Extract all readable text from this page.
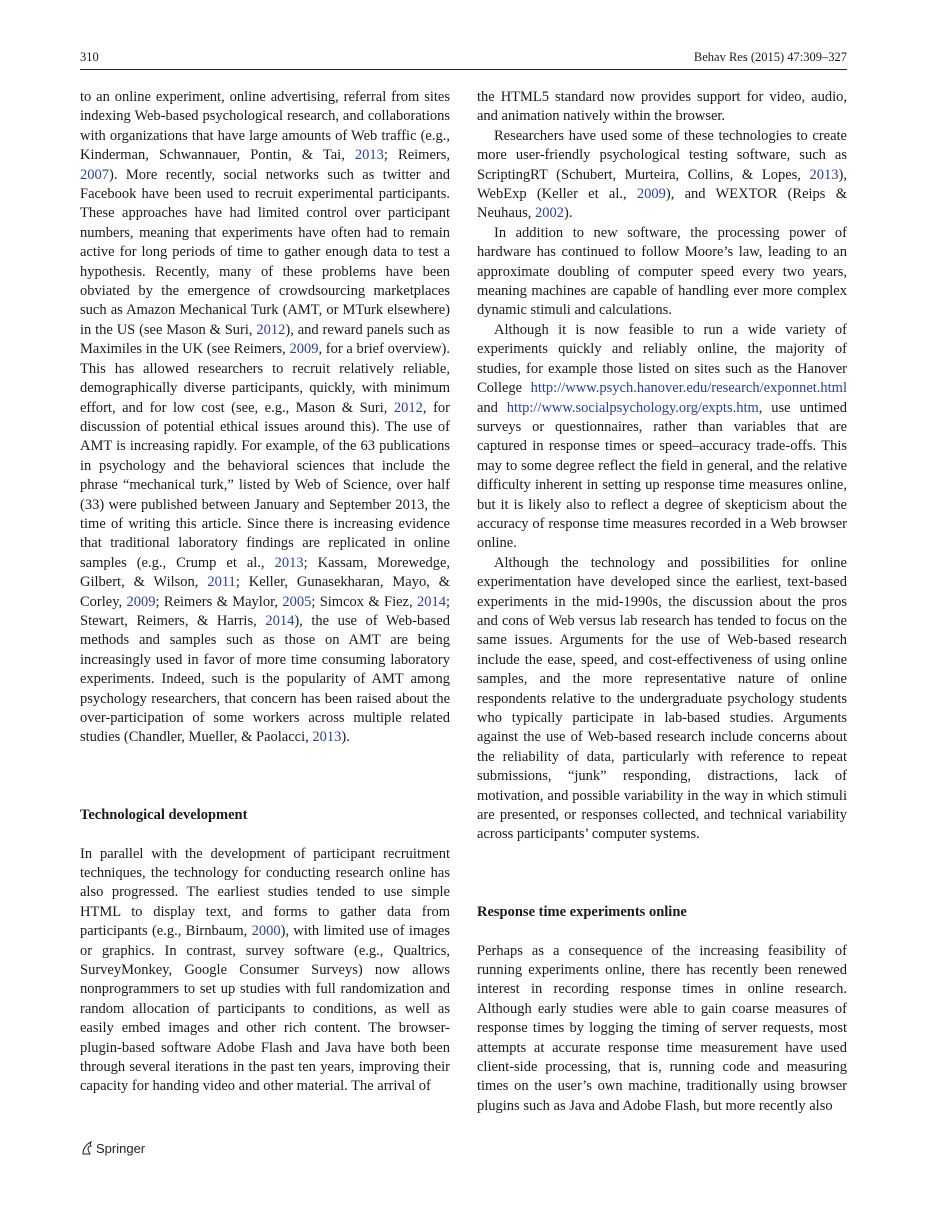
310	Behav Res (2015) 47:309–327

to an online experiment, online advertising, referral from sites indexing Web-based psychological research, and collaborations with organizations that have large amounts of Web traffic (e.g., Kinderman, Schwannauer, Pontin, & Tai, 2013; Reimers, 2007). More recently, social networks such as twitter and Facebook have been used to recruit experimental participants. These approaches have had limited control over participant numbers, meaning that experiments have often had to remain active for long periods of time to gather enough data to test a hypothesis. Recently, many of these problems have been obviated by the emergence of crowdsourcing marketplaces such as Amazon Mechanical Turk (AMT, or MTurk elsewhere) in the US (see Mason & Suri, 2012), and reward panels such as Maximiles in the UK (see Reimers, 2009, for a brief overview). This has allowed researchers to recruit relatively reliable, demographically diverse participants, quickly, with minimum effort, and for low cost (see, e.g., Mason & Suri, 2012, for discussion of potential ethical issues around this). The use of AMT is increasing rapidly. For example, of the 63 publications in psychology and the behavioral sciences that include the phrase “mechanical turk,” listed by Web of Science, over half (33) were published between January and September 2013, the time of writing this article. Since there is increasing evidence that traditional laboratory findings are replicated in online samples (e.g., Crump et al., 2013; Kassam, Morewedge, Gilbert, & Wilson, 2011; Keller, Gunasekharan, Mayo, & Corley, 2009; Reimers & Maylor, 2005; Simcox & Fiez, 2014; Stewart, Reimers, & Harris, 2014), the use of Web-based methods and samples such as those on AMT are being increasingly used in favor of more time consuming laboratory experiments. Indeed, such is the popularity of AMT among psychology researchers, that concern has been raised about the over-participation of some workers across multiple related studies (Chandler, Mueller, & Paolacci, 2013).

Technological development

In parallel with the development of participant recruitment techniques, the technology for conducting research online has also progressed. The earliest studies tended to use simple HTML to display text, and forms to gather data from participants (e.g., Birnbaum, 2000), with limited use of images or graphics. In contrast, survey software (e.g., Qualtrics, SurveyMonkey, Google Consumer Surveys) now allows nonprogrammers to set up studies with full randomization and random allocation of participants to conditions, as well as easily embed images and other rich content. The browser-plugin-based software Adobe Flash and Java have both been through several iterations in the past ten years, improving their capacity for handing video and other material. The arrival of

the HTML5 standard now provides support for video, audio, and animation natively within the browser.

Researchers have used some of these technologies to create more user-friendly psychological testing software, such as ScriptingRT (Schubert, Murteira, Collins, & Lopes, 2013), WebExp (Keller et al., 2009), and WEXTOR (Reips & Neuhaus, 2002).

In addition to new software, the processing power of hardware has continued to follow Moore’s law, leading to an approximate doubling of computer speed every two years, meaning machines are capable of handling ever more complex dynamic stimuli and calculations.

Although it is now feasible to run a wide variety of experiments quickly and reliably online, the majority of studies, for example those listed on sites such as the Hanover College http://www.psych.hanover.edu/research/exponnet.html and http://www.socialpsychology.org/expts.htm, use untimed surveys or questionnaires, rather than variables that are captured in response times or speed–accuracy trade-offs. This may to some degree reflect the field in general, and the relative difficulty inherent in setting up response time measures online, but it is likely also to reflect a degree of skepticism about the accuracy of response time measures recorded in a Web browser online.

Although the technology and possibilities for online experimentation have developed since the earliest, text-based experiments in the mid-1990s, the discussion about the pros and cons of Web versus lab research has tended to focus on the same issues. Arguments for the use of Web-based research include the ease, speed, and cost-effectiveness of using online samples, and the more representative nature of online respondents relative to the undergraduate psychology students who typically participate in lab-based studies. Arguments against the use of Web-based research include concerns about the reliability of data, particularly with reference to repeat submissions, “junk” responding, distractions, lack of motivation, and possible variability in the way in which stimuli are presented, or responses collected, and technical variability across participants’ computer systems.

Response time experiments online

Perhaps as a consequence of the increasing feasibility of running experiments online, there has recently been renewed interest in recording response times in online research. Although early studies were able to gain coarse measures of response times by logging the timing of server requests, most attempts at accurate response time measurement have used client-side processing, that is, running code and measuring times on the user’s own machine, traditionally using browser plugins such as Java and Adobe Flash, but more recently also

Springer
